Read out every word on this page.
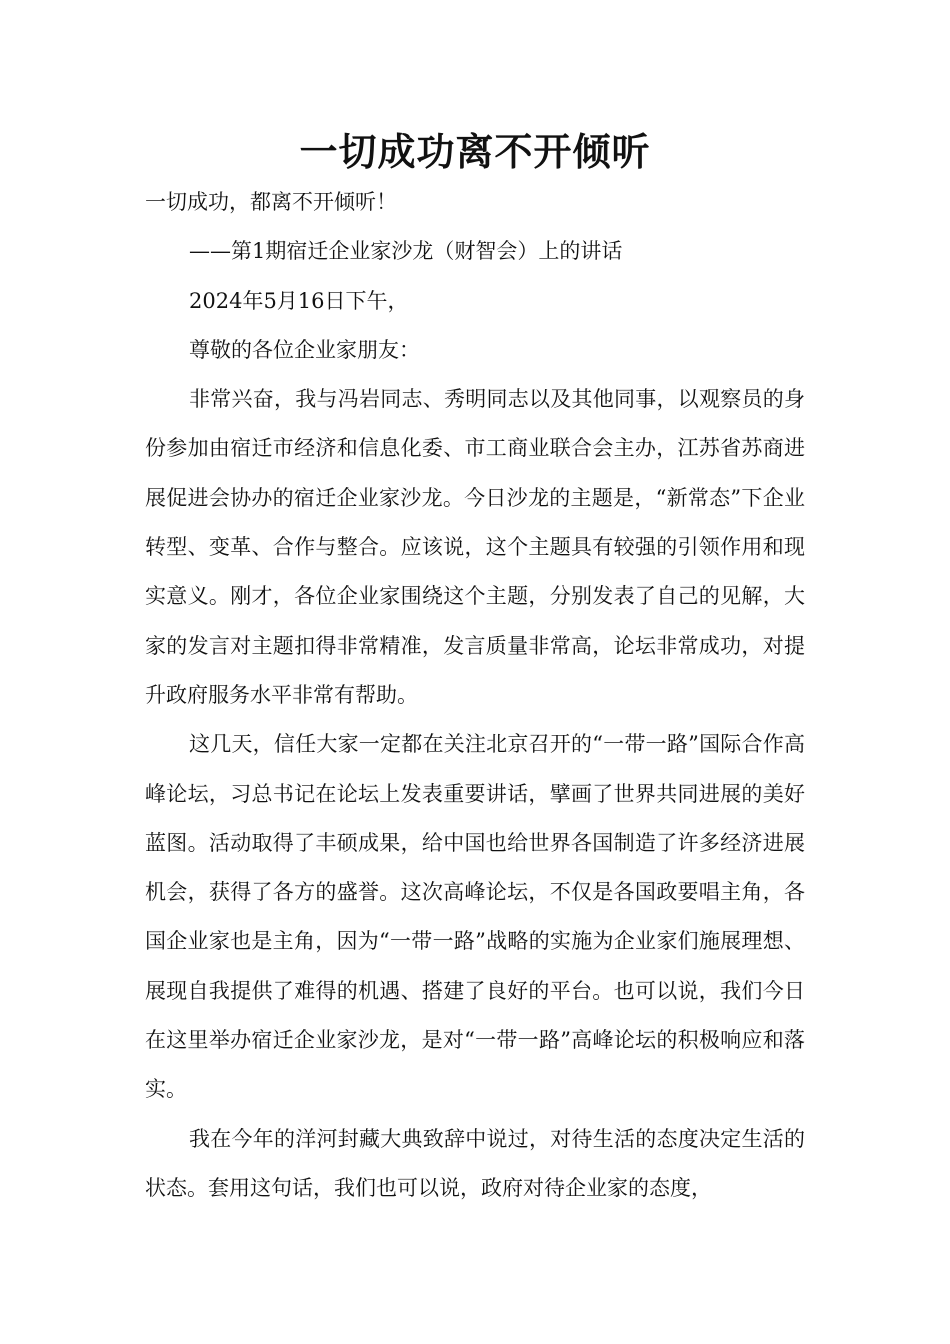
一切成功离不开倾听

一切成功，都离不开倾听！

——第1期宿迁企业家沙龙（财智会）上的讲话

2024年5月16日下午，

尊敬的各位企业家朋友：

非常兴奋，我与冯岩同志、秀明同志以及其他同事，以观察员的身份参加由宿迁市经济和信息化委、市工商业联合会主办，江苏省苏商进展促进会协办的宿迁企业家沙龙。今日沙龙的主题是，“新常态”下企业转型、变革、合作与整合。应该说，这个主题具有较强的引领作用和现实意义。刚才，各位企业家围绕这个主题，分别发表了自己的见解，大家的发言对主题扣得非常精准，发言质量非常高，论坛非常成功，对提升政府服务水平非常有帮助。

这几天，信任大家一定都在关注北京召开的“一带一路”国际合作高峰论坛，习总书记在论坛上发表重要讲话，擘画了世界共同进展的美好蓝图。活动取得了丰硕成果，给中国也给世界各国制造了许多经济进展机会，获得了各方的盛誉。这次高峰论坛，不仅是各国政要唱主角，各国企业家也是主角，因为“一带一路”战略的实施为企业家们施展理想、展现自我提供了难得的机遇、搭建了良好的平台。也可以说，我们今日在这里举办宿迁企业家沙龙，是对“一带一路”高峰论坛的积极响应和落实。

我在今年的洋河封藏大典致辞中说过，对待生活的态度决定生活的状态。套用这句话，我们也可以说，政府对待企业家的态度，
